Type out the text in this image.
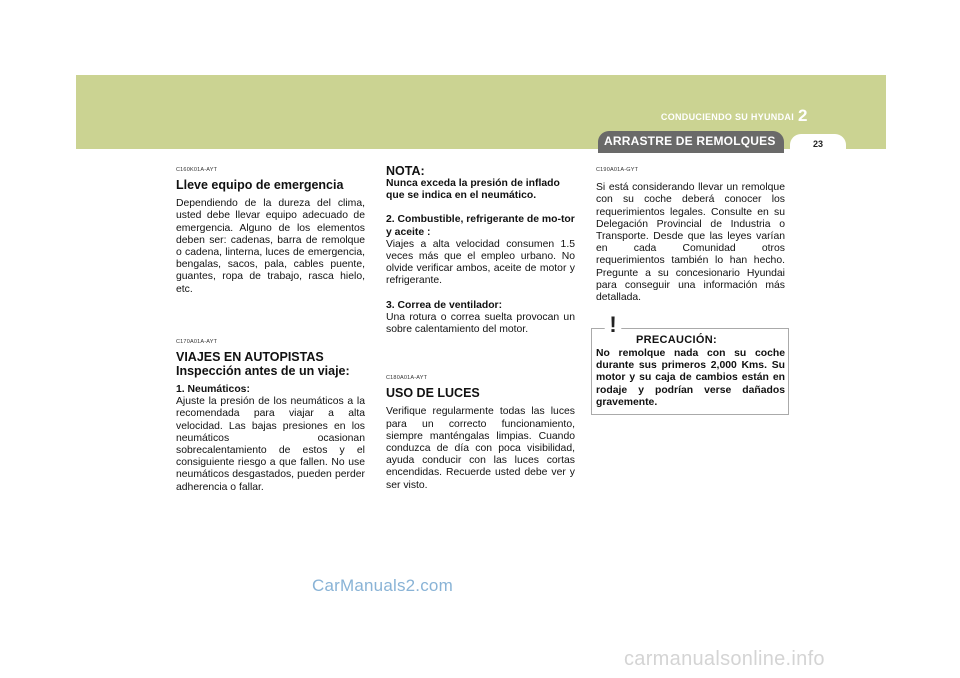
CONDUCIENDO SU HYUNDAI 2
ARRASTRE DE REMOLQUES	23
C160K01A-AYT
Lleve equipo de emergencia
Dependiendo de la dureza del clima, usted debe llevar equipo adecuado de emergencia. Alguno de los elementos deben ser: cadenas, barra de remolque o cadena, linterna, luces de emergencia, bengalas, sacos, pala, cables puente, guantes, ropa de trabajo, rasca hielo, etc.
C170A01A-AYT
VIAJES EN AUTOPISTAS
Inspección antes de un viaje:
1. Neumáticos:
Ajuste la presión de los neumáticos a la recomendada para viajar a alta velocidad. Las bajas presiones en los neumáticos ocasionan sobrecalentamiento de estos y el consiguiente riesgo a que fallen. No use neumáticos desgastados, pueden perder adherencia o fallar.
NOTA:
Nunca exceda la presión de inflado que se indica en el neumático.
2. Combustible, refrigerante de mo-tor y aceite :
Viajes a alta velocidad consumen 1.5 veces más que el empleo urbano. No olvide verificar ambos, aceite de motor y refrigerante.
3. Correa de ventilador:
Una rotura o correa suelta provocan un sobre calentamiento del motor.
C180A01A-AYT
USO DE LUCES
Verifique regularmente todas las luces para un correcto funcionamiento, siempre manténgalas limpias. Cuando conduzca de día con poca visibilidad, ayuda conducir con las luces cortas encendidas. Recuerde usted debe ver y ser visto.
C190A01A-GYT
Si está considerando llevar un remolque con su coche deberá conocer los requerimientos legales. Consulte en su Delegación Provincial de Industria o Transporte. Desde que las leyes varían en cada Comunidad otros requerimientos también lo han hecho. Pregunte a su concesionario Hyundai para conseguir una información más detallada.
!
PRECAUCIÓN:
No remolque nada con su coche durante sus primeros 2,000 Kms. Su motor y su caja de cambios están en rodaje y podrían verse dañados gravemente.
CarManuals2.com
carmanualsonline.info
